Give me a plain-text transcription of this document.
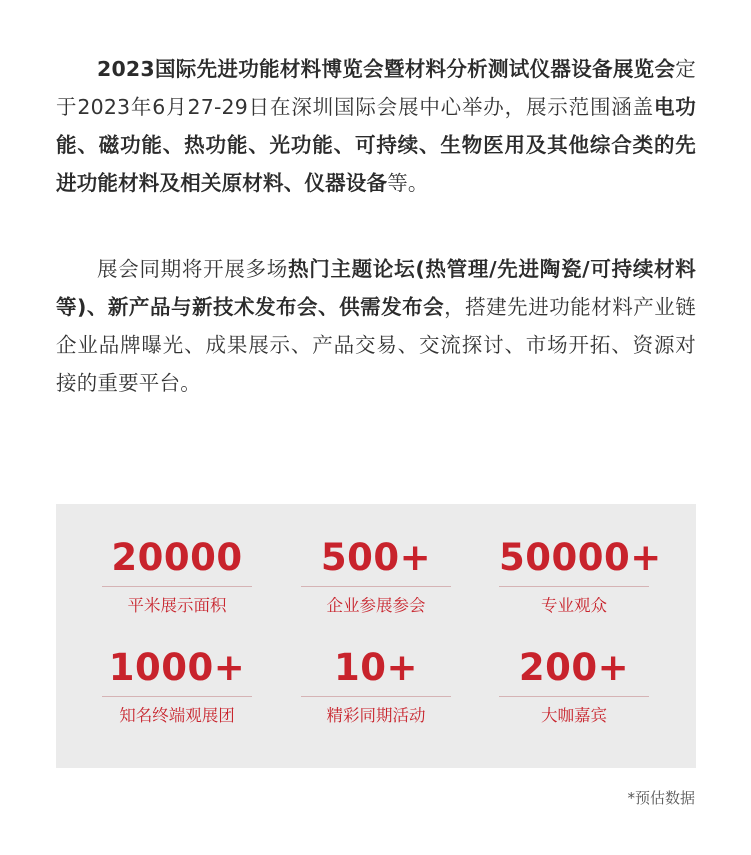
2023国际先进功能材料博览会暨材料分析测试仪器设备展览会定于2023年6月27-29日在深圳国际会展中心举办，展示范围涵盖电功能、磁功能、热功能、光功能、可持续、生物医用及其他综合类的先进功能材料及相关原材料、仪器设备等。

展会同期将开展多场热门主题论坛(热管理/先进陶瓷/可持续材料等)、新产品与新技术发布会、供需发布会，搭建先进功能材料产业链企业品牌曝光、成果展示、产品交易、交流探讨、市场开拓、资源对接的重要平台。

20000
平米展示面积
500+
企业参展参会
50000+
专业观众
1000+
知名终端观展团
10+
精彩同期活动
200+
大咖嘉宾
*预估数据
